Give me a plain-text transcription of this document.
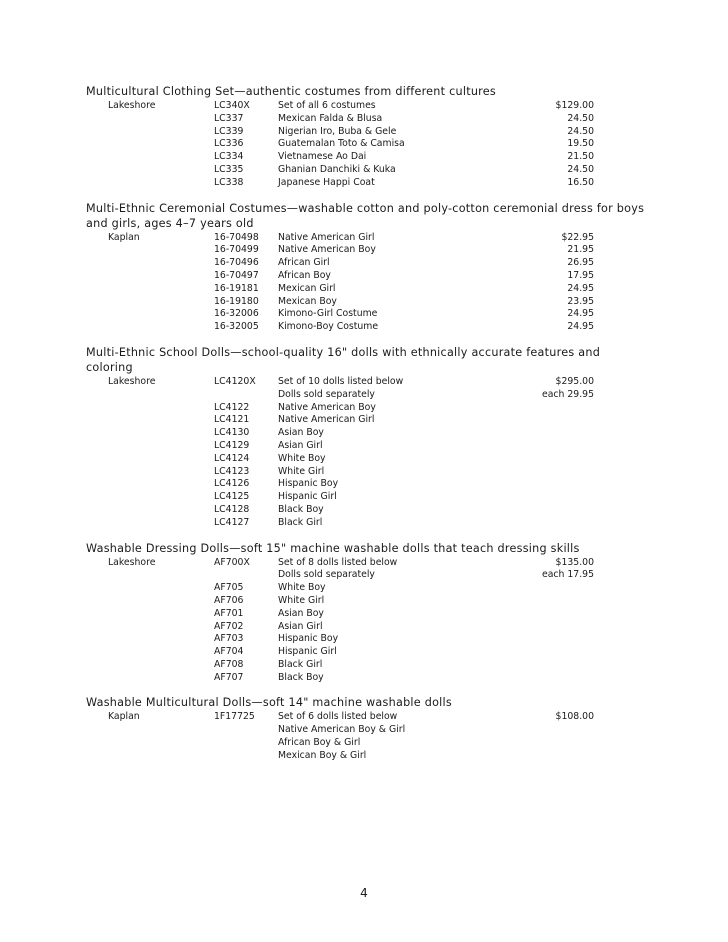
Multicultural Clothing Set—authentic costumes from different cultures
Lakeshore	LC340X	Set of all 6 costumes	$129.00
LC337	Mexican Falda & Blusa	24.50
LC339	Nigerian Iro, Buba & Gele	24.50
LC336	Guatemalan Toto & Camisa	19.50
LC334	Vietnamese Ao Dai	21.50
LC335	Ghanian Danchiki & Kuka	24.50
LC338	Japanese Happi Coat	16.50
Multi-Ethnic Ceremonial Costumes—washable cotton and poly-cotton ceremonial dress for boys and girls, ages 4–7 years old
Kaplan	16-70498 Native American Girl	$22.95
16-70499 Native American Boy	21.95
16-70496 African Girl	26.95
16-70497 African Boy	17.95
16-19181 Mexican Girl	24.95
16-19180 Mexican Boy	23.95
16-32006 Kimono-Girl Costume	24.95
16-32005 Kimono-Boy Costume	24.95
Multi-Ethnic School Dolls—school-quality 16" dolls with ethnically accurate features and coloring
Lakeshore	LC4120X Set of 10 dolls listed below	$295.00
Dolls sold separately	each 29.95
LC4122	Native American Boy
LC4121	Native American Girl
LC4130	Asian Boy
LC4129	Asian Girl
LC4124	White Boy
LC4123	White Girl
LC4126	Hispanic Boy
LC4125	Hispanic Girl
LC4128	Black Boy
LC4127	Black Girl
Washable Dressing Dolls—soft 15" machine washable dolls that teach dressing skills
Lakeshore	AF700X	Set of 8 dolls listed below	$135.00
Dolls sold separately	each 17.95
AF705	White Boy
AF706	White Girl
AF701	Asian Boy
AF702	Asian Girl
AF703	Hispanic Boy
AF704	Hispanic Girl
AF708	Black Girl
AF707	Black Boy
Washable Multicultural Dolls—soft 14" machine washable dolls
Kaplan	1F17725 Set of 6 dolls listed below	$108.00
Native American Boy & Girl
African Boy & Girl
Mexican Boy & Girl
4
